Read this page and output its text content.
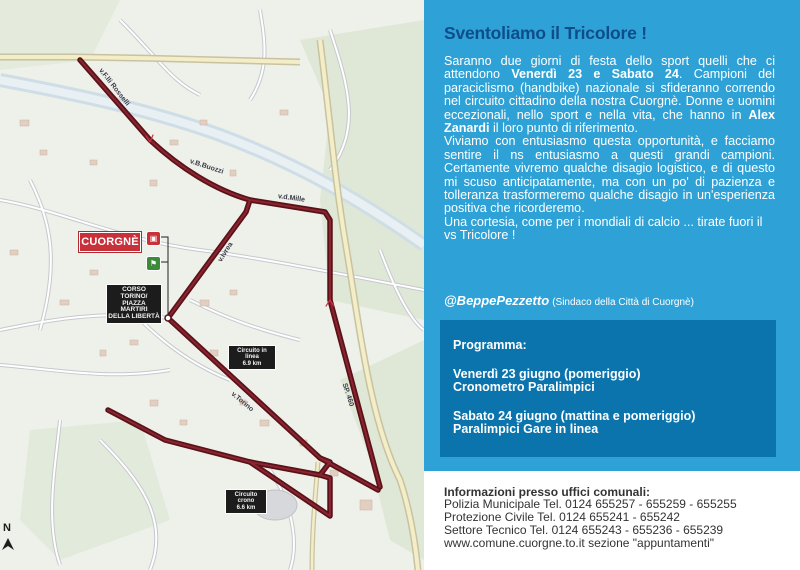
v.F.lli Rosselli
v.B.Buozzi
v.d.Mille
v.Ivrea
v.Torino	SP. 460
CUORGNÈ	▣
⚑
CORSO TORINO/
PIAZZA MARTIRI
DELLA LIBERTÀ
Circuito in linea
6.9 km
Circuito crono
6.6 km
N
Sventoliamo il Tricolore !

Saranno due giorni di festa dello sport quelli che ci attendono Venerdì 23 e Sabato 24. Campioni del paraciclismo (handbike) nazionale si sfideranno correndo nel circuito cittadino della nostra Cuorgnè. Donne e uomini eccezionali, nello sport e nella vita, che hanno in Alex Zanardi il loro punto di riferimento.

Viviamo con entusiasmo questa opportunità, e facciamo sentire il ns entusiasmo a questi grandi campioni. Certamente vivremo qualche disagio logistico, e di questo mi scuso anticipatamente, ma con un po' di pazienza e tolleranza trasformeremo qualche disagio in un'esperienza positiva che ricorderemo.

Una cortesia, come per i mondiali di calcio ... tirate fuori il vs Tricolore !

@BeppePezzetto (Sindaco della Città di Cuorgnè)
Programma:
Venerdì 23 giugno (pomeriggio)
Cronometro Paralimpici
Sabato 24 giugno (mattina e pomeriggio)
Paralimpici Gare in linea
Informazioni presso uffici comunali:
Polizia Municipale Tel. 0124 655257 - 655259 - 655255
Protezione Civile Tel. 0124 655241 - 655242
Settore Tecnico Tel. 0124 655243 - 655236 - 655239
www.comune.cuorgne.to.it sezione "appuntamenti"
